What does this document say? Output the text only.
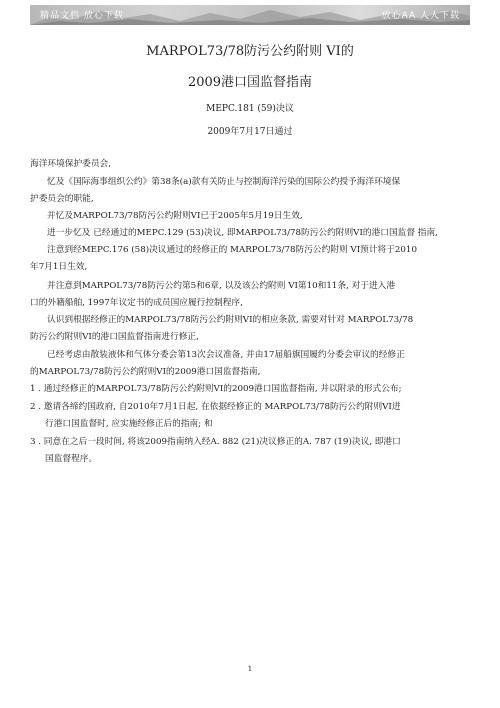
精品文档 放心下载	放心AA 人人下载
MARPOL73/78防污公约附则 VI的
2009港口国监督指南
MEPC.181 (59)决议
2009年7月17日通过
海洋环境保护委员会,
忆及《国际海事组织公约》第38条(a)款有关防止与控制海洋污染的国际公约授予海洋环境保
护委员会的职能,
并忆及MARPOL73/78防污公约附则VI已于2005年5月19日生效,
进一步忆及 已经通过的MEPC.129 (53)决议, 即MARPOL73/78防污公约附则VI的港口国监督 指南,
注意到经MEPC.176 (58)决议通过的经修正的 MARPOL73/78防污公约附则 VI预计将于2010
年7月1日生效,
并注意到MARPOL73/78防污公约第5和6章, 以及该公约附则 VI第10和11条, 对于进入港
口的外籍船舶, 1997年议定书的成员国应履行控制程序,
认识到根据经修正的MARPOL73/78防污公约附则VI的相应条款, 需要对针对 MARPOL73/78
防污公约附则VI的港口国监督指南进行修正,
已经考虑由散装液体和气体分委会第13次会议准备, 并由17届船旗国履约分委会审议的经修正
的MARPOL73/78防污公约附则VI的2009港口国监督指南,
1 . 通过经修正的MARPOL73/78防污公约附则VI的2009港口国监督指南, 并以附录的形式公布;
2 . 邀请各缔约国政府, 自2010年7月1日起, 在依据经修正的 MARPOL73/78防污公约附则VI进
行港口国监督时, 应实施经修正后的指南; 和
3 . 同意在之后一段时间, 将该2009指南纳入经A. 882 (21)决议修正的A. 787 (19)决议, 即港口
国监督程序。
1
